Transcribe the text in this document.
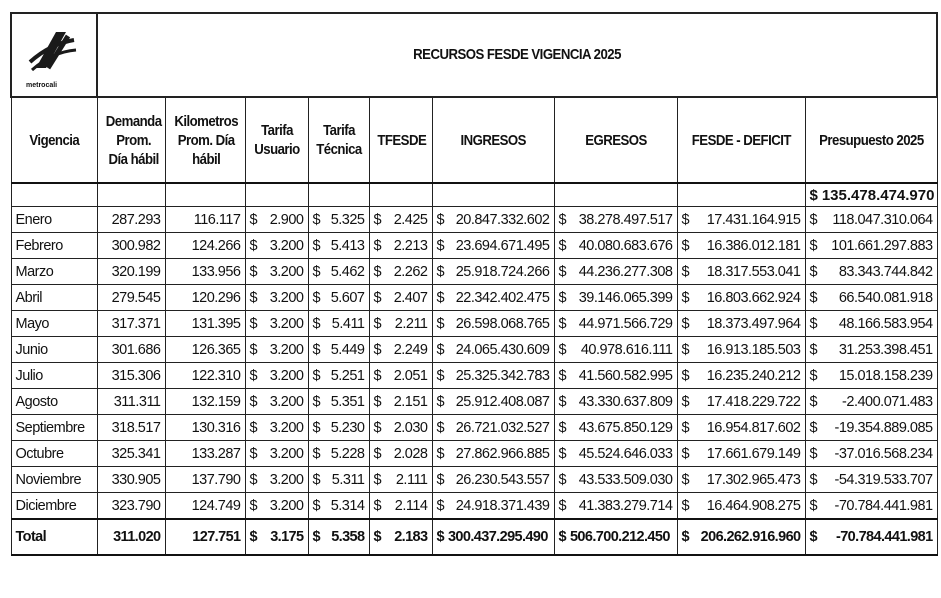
metrocali	RECURSOS FESDE VIGENCIA 2025								
Vigencia	Demanda Prom. Día hábil	Kilometros Prom. Día hábil	Tarifa Usuario	Tarifa Técnica	TFESDE	INGRESOS	EGRESOS	FESDE - DEFICIT	Presupuesto 2025

									$ 135.478.474.970

Enero	287.293	116.117	$ 2.900	$ 5.325	$ 2.425	$ 20.847.332.602	$ 38.278.497.517	$ 17.431.164.915	$ 118.047.310.064

Febrero	300.982	124.266	$ 3.200	$ 5.413	$ 2.213	$ 23.694.671.495	$ 40.080.683.676	$ 16.386.012.181	$ 101.661.297.883

Marzo	320.199	133.956	$ 3.200	$ 5.462	$ 2.262	$ 25.918.724.266	$ 44.236.277.308	$ 18.317.553.041	$ 83.343.744.842

Abril	279.545	120.296	$ 3.200	$ 5.607	$ 2.407	$ 22.342.402.475	$ 39.146.065.399	$ 16.803.662.924	$ 66.540.081.918

Mayo	317.371	131.395	$ 3.200	$ 5.411	$ 2.211	$ 26.598.068.765	$ 44.971.566.729	$ 18.373.497.964	$ 48.166.583.954

Junio	301.686	126.365	$ 3.200	$ 5.449	$ 2.249	$ 24.065.430.609	$ 40.978.616.111	$ 16.913.185.503	$ 31.253.398.451

Julio	315.306	122.310	$ 3.200	$ 5.251	$ 2.051	$ 25.325.342.783	$ 41.560.582.995	$ 16.235.240.212	$ 15.018.158.239

Agosto	311.311	132.159	$ 3.200	$ 5.351	$ 2.151	$ 25.912.408.087	$ 43.330.637.809	$ 17.418.229.722	$ -2.400.071.483

Septiembre	318.517	130.316	$ 3.200	$ 5.230	$ 2.030	$ 26.721.032.527	$ 43.675.850.129	$ 16.954.817.602	$ -19.354.889.085

Octubre	325.341	133.287	$ 3.200	$ 5.228	$ 2.028	$ 27.862.966.885	$ 45.524.646.033	$ 17.661.679.149	$ -37.016.568.234

Noviembre	330.905	137.790	$ 3.200	$ 5.311	$ 2.111	$ 26.230.543.557	$ 43.533.509.030	$ 17.302.965.473	$ -54.319.533.707

Diciembre	323.790	124.749	$ 3.200	$ 5.314	$ 2.114	$ 24.918.371.439	$ 41.383.279.714	$ 16.464.908.275	$ -70.784.441.981

Total	311.020	127.751	$ 3.175	$ 5.358	$ 2.183	$ 300.437.295.490	$ 506.700.212.450	$ 206.262.916.960	$ -70.784.441.981
